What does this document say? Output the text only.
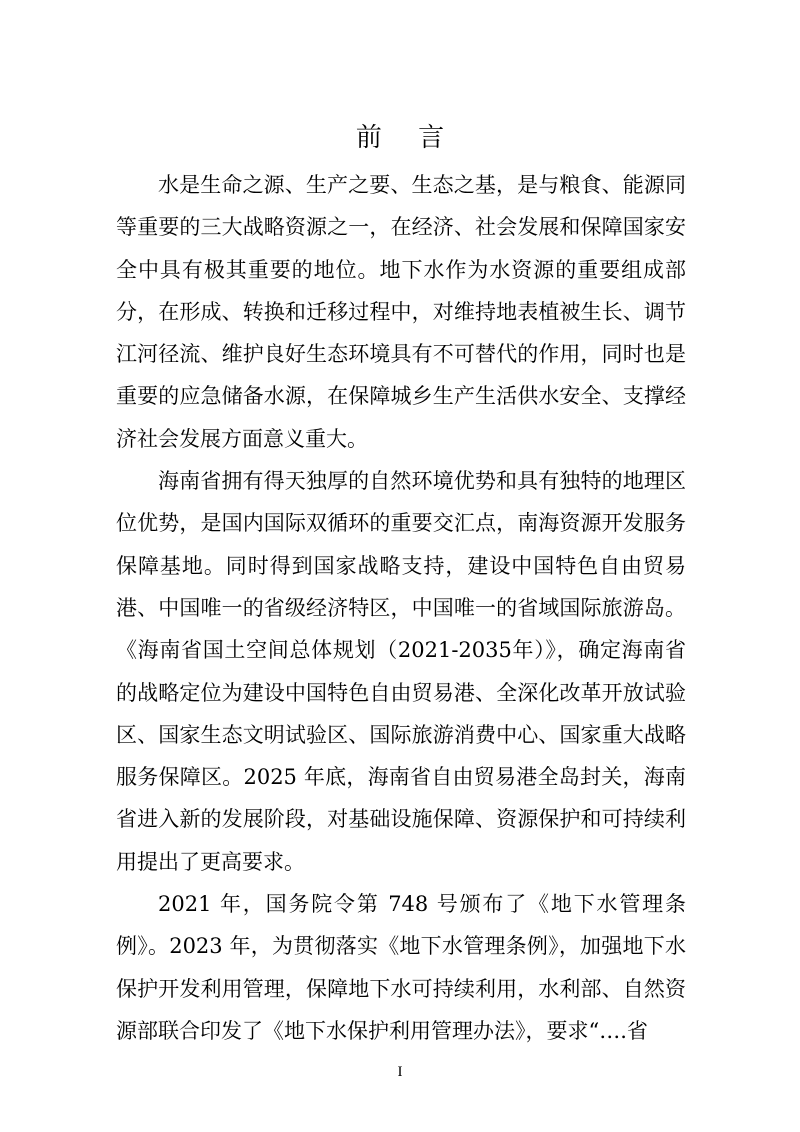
前 言

水是生命之源、生产之要、生态之基，是与粮食、能源同等重要的三大战略资源之一，在经济、社会发展和保障国家安全中具有极其重要的地位。地下水作为水资源的重要组成部分，在形成、转换和迁移过程中，对维持地表植被生长、调节江河径流、维护良好生态环境具有不可替代的作用，同时也是重要的应急储备水源，在保障城乡生产生活供水安全、支撑经济社会发展方面意义重大。

海南省拥有得天独厚的自然环境优势和具有独特的地理区位优势，是国内国际双循环的重要交汇点，南海资源开发服务保障基地。同时得到国家战略支持，建设中国特色自由贸易港、中国唯一的省级经济特区，中国唯一的省域国际旅游岛。《海南省国土空间总体规划（2021-2035年）》，确定海南省的战略定位为建设中国特色自由贸易港、全深化改革开放试验区、国家生态文明试验区、国际旅游消费中心、国家重大战略服务保障区。2025 年底，海南省自由贸易港全岛封关，海南省进入新的发展阶段，对基础设施保障、资源保护和可持续利用提出了更高要求。

2021 年，国务院令第 748 号颁布了《地下水管理条例》。2023 年，为贯彻落实《地下水管理条例》，加强地下水保护开发利用管理，保障地下水可持续利用，水利部、自然资源部联合印发了《地下水保护利用管理办法》，要求“….省

I
